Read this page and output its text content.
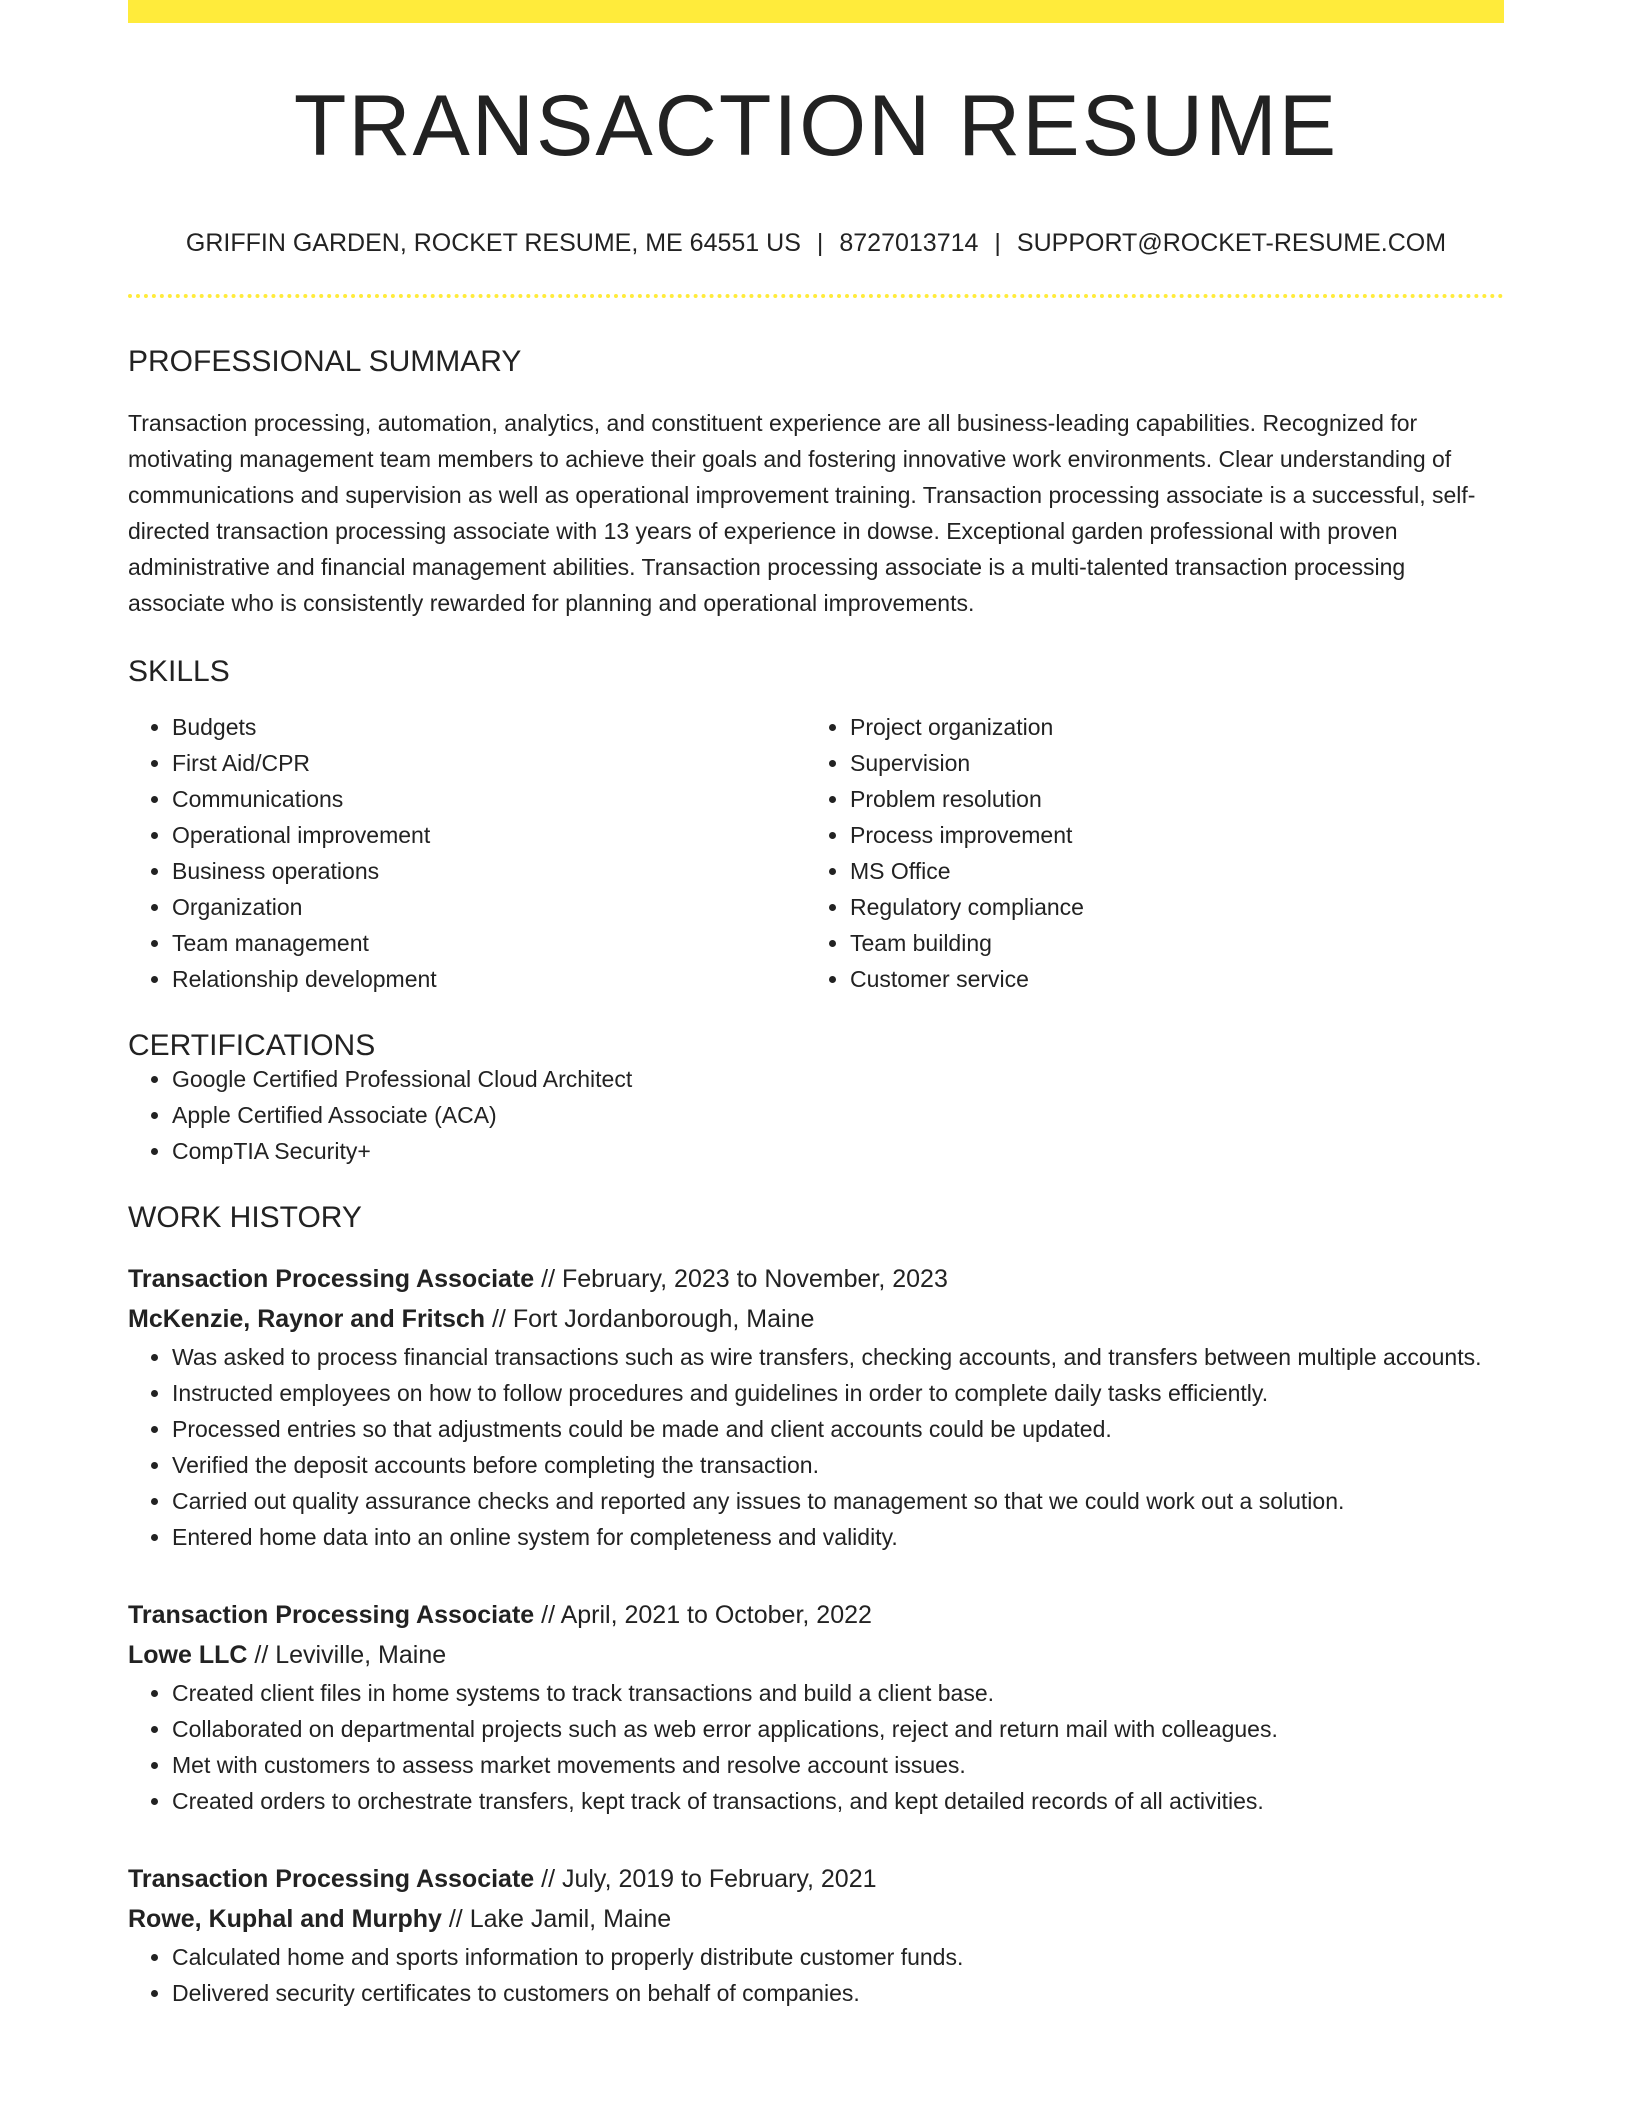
TRANSACTION RESUME
GRIFFIN GARDEN, ROCKET RESUME, ME 64551 US | 8727013714 | SUPPORT@ROCKET-RESUME.COM
PROFESSIONAL SUMMARY

Transaction processing, automation, analytics, and constituent experience are all business-leading capabilities. Recognized for motivating management team members to achieve their goals and fostering innovative work environments. Clear understanding of communications and supervision as well as operational improvement training. Transaction processing associate is a successful, self-directed transaction processing associate with 13 years of experience in dowse. Exceptional garden professional with proven administrative and financial management abilities. Transaction processing associate is a multi-talented transaction processing associate who is consistently rewarded for planning and operational improvements.

SKILLS
• Budgets
• First Aid/CPR
• Communications
• Operational improvement
• Business operations
• Organization
• Team management
• Relationship development
• Project organization
• Supervision
• Problem resolution
• Process improvement
• MS Office
• Regulatory compliance
• Team building
• Customer service
CERTIFICATIONS
• Google Certified Professional Cloud Architect
• Apple Certified Associate (ACA)
• CompTIA Security+
WORK HISTORY
Transaction Processing Associate // February, 2023 to November, 2023
McKenzie, Raynor and Fritsch // Fort Jordanborough, Maine
• Was asked to process financial transactions such as wire transfers, checking accounts, and transfers between multiple accounts.
• Instructed employees on how to follow procedures and guidelines in order to complete daily tasks efficiently.
• Processed entries so that adjustments could be made and client accounts could be updated.
• Verified the deposit accounts before completing the transaction.
• Carried out quality assurance checks and reported any issues to management so that we could work out a solution.
• Entered home data into an online system for completeness and validity.
Transaction Processing Associate // April, 2021 to October, 2022
Lowe LLC // Leviville, Maine
• Created client files in home systems to track transactions and build a client base.
• Collaborated on departmental projects such as web error applications, reject and return mail with colleagues.
• Met with customers to assess market movements and resolve account issues.
• Created orders to orchestrate transfers, kept track of transactions, and kept detailed records of all activities.
Transaction Processing Associate // July, 2019 to February, 2021
Rowe, Kuphal and Murphy // Lake Jamil, Maine
• Calculated home and sports information to properly distribute customer funds.
• Delivered security certificates to customers on behalf of companies.
